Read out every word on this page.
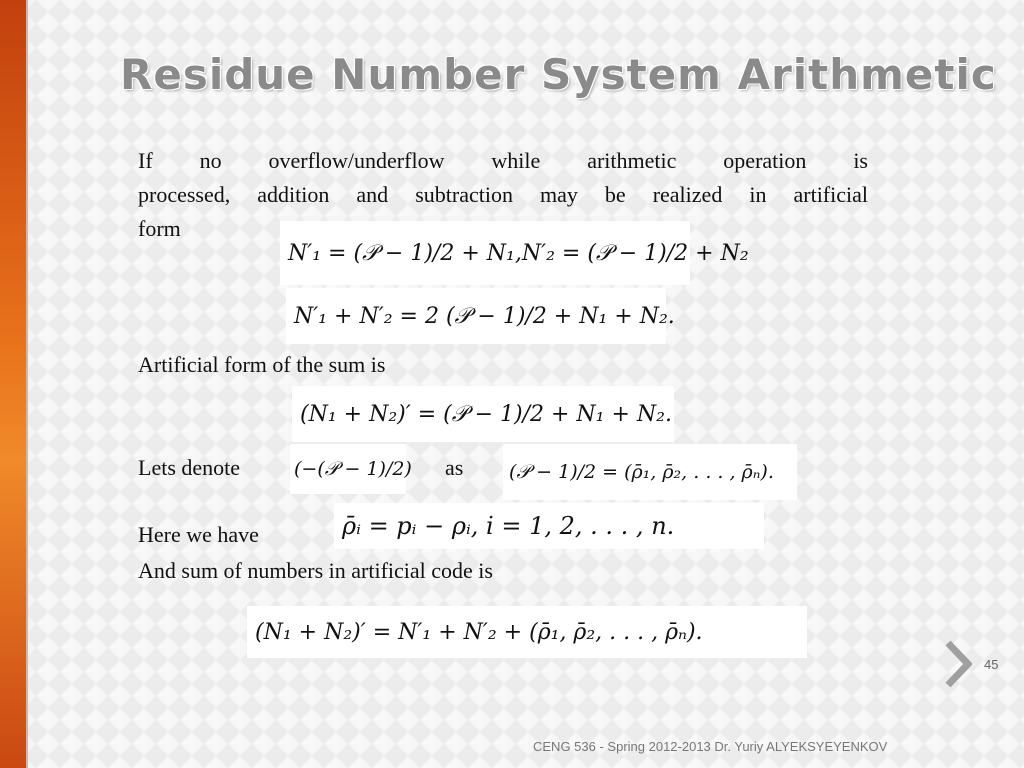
Residue Number System Arithmetic
If no overflow/underflow while arithmetic operation is
processed, addition and subtraction may be realized in artificial
form
N′₁ = (𝒫 − 1)/2 + N₁, N′₂ = (𝒫 − 1)/2 + N₂
N′₁ + N′₂ = 2 (𝒫 − 1)/2 + N₁ + N₂.
Artificial form of the sum is
(N₁ + N₂)′ = (𝒫 − 1)/2 + N₁ + N₂.
Lets denote	(−(𝒫 − 1)/2) as (𝒫 − 1)/2 = (ρ̄₁, ρ̄₂, . . . , ρ̄ₙ).
Here we have	ρ̄ᵢ = pᵢ − ρᵢ, i = 1, 2, . . . , n.
And sum of numbers in artificial code is
(N₁ + N₂)′ = N′₁ + N′₂ + (ρ̄₁, ρ̄₂, . . . , ρ̄ₙ).
45
CENG 536 - Spring 2012-2013 Dr. Yuriy ALYEKSYEYENKOV
